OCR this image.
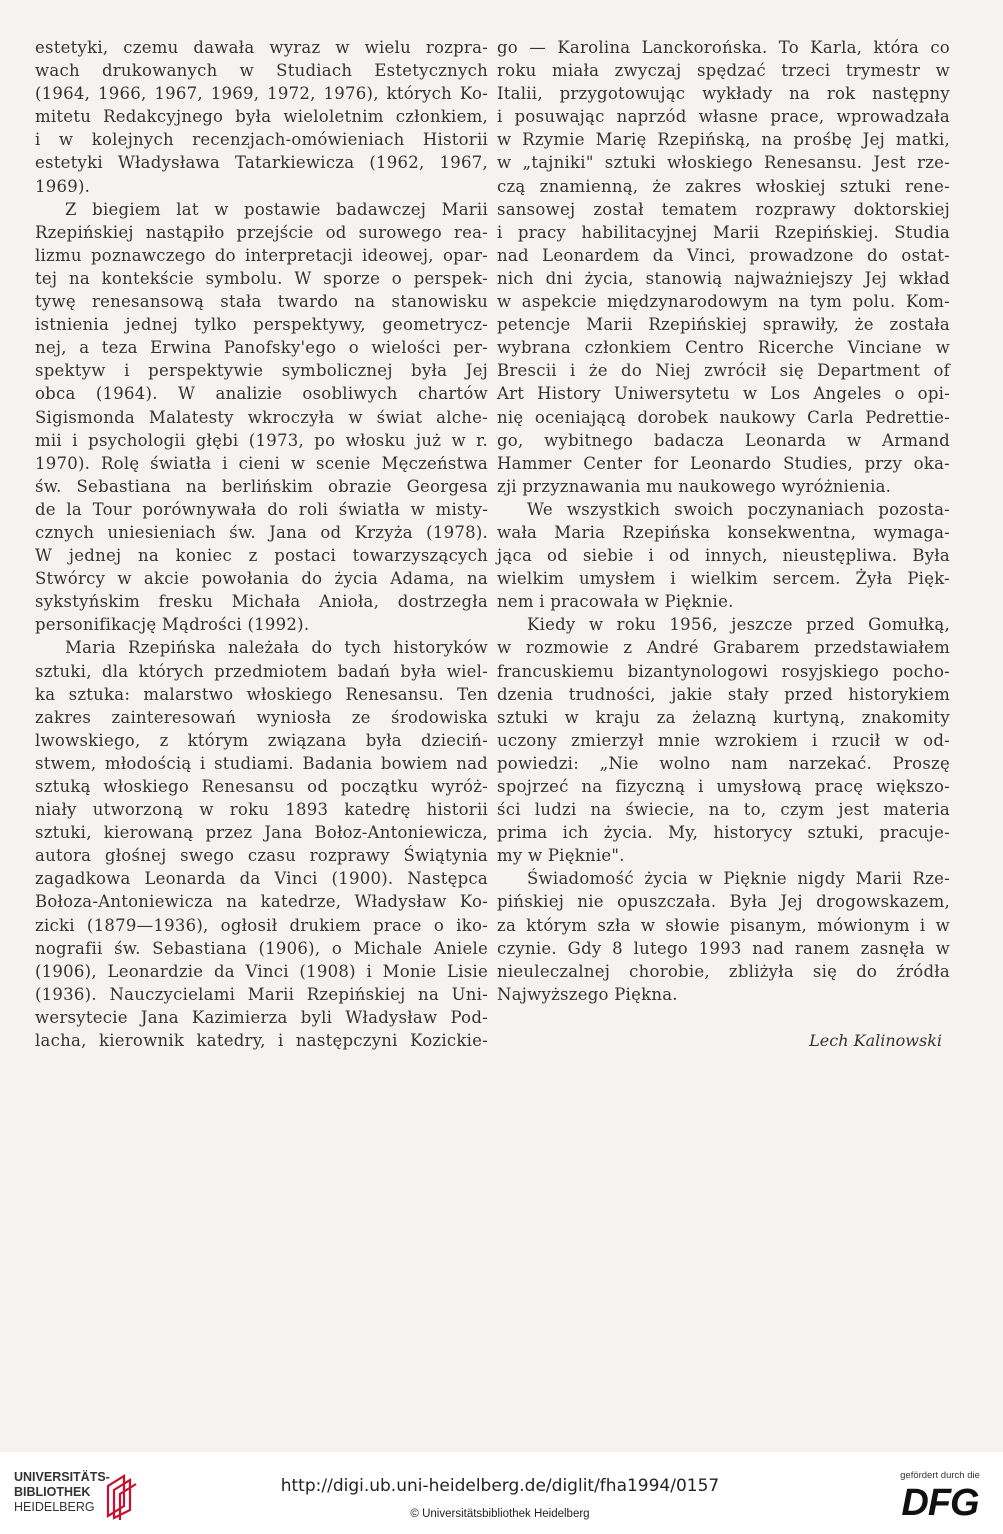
estetyki, czemu dawała wyraz w wielu rozpra-
wach drukowanych w Studiach Estetycznych
(1964, 1966, 1967, 1969, 1972, 1976), których Ko-
mitetu Redakcyjnego była wieloletnim członkiem,
i w kolejnych recenzjach-omówieniach Historii
estetyki Władysława Tatarkiewicza (1962, 1967,
1969).
Z biegiem lat w postawie badawczej Marii
Rzepińskiej nastąpiło przejście od surowego rea-
lizmu poznawczego do interpretacji ideowej, opar-
tej na kontekście symbolu. W sporze o perspek-
tywę renesansową stała twardo na stanowisku
istnienia jednej tylko perspektywy, geometrycz-
nej, a teza Erwina Panofsky'ego o wielości per-
spektyw i perspektywie symbolicznej była Jej
obca (1964). W analizie osobliwych chartów
Sigismonda Malatesty wkroczyła w świat alche-
mii i psychologii głębi (1973, po włosku już w r.
1970). Rolę światła i cieni w scenie Męczeństwa
św. Sebastiana na berlińskim obrazie Georgesa
de la Tour porównywała do roli światła w misty-
cznych uniesieniach św. Jana od Krzyża (1978).
W jednej na koniec z postaci towarzyszących
Stwórcy w akcie powołania do życia Adama, na
sykstyńskim fresku Michała Anioła, dostrzegła
personifikację Mądrości (1992).
Maria Rzepińska należała do tych historyków
sztuki, dla których przedmiotem badań była wiel-
ka sztuka: malarstwo włoskiego Renesansu. Ten
zakres zainteresowań wyniosła ze środowiska
lwowskiego, z którym związana była dzieciń-
stwem, młodością i studiami. Badania bowiem nad
sztuką włoskiego Renesansu od początku wyróż-
niały utworzoną w roku 1893 katedrę historii
sztuki, kierowaną przez Jana Bołoz-Antoniewicza,
autora głośnej swego czasu rozprawy Świątynia
zagadkowa Leonarda da Vinci (1900). Następca
Bołoza-Antoniewicza na katedrze, Władysław Ko-
zicki (1879—1936), ogłosił drukiem prace o iko-
nografii św. Sebastiana (1906), o Michale Aniele
(1906), Leonardzie da Vinci (1908) i Monie Lisie
(1936). Nauczycielami Marii Rzepińskiej na Uni-
wersytecie Jana Kazimierza byli Władysław Pod-
lacha, kierownik katedry, i następczyni Kozickie-
go — Karolina Lanckorońska. To Karla, która co
roku miała zwyczaj spędzać trzeci trymestr w
Italii, przygotowując wykłady na rok następny
i posuwając naprzód własne prace, wprowadzała
w Rzymie Marię Rzepińską, na prośbę Jej matki,
w „tajniki" sztuki włoskiego Renesansu. Jest rze-
czą znamienną, że zakres włoskiej sztuki rene-
sansowej został tematem rozprawy doktorskiej
i pracy habilitacyjnej Marii Rzepińskiej. Studia
nad Leonardem da Vinci, prowadzone do ostat-
nich dni życia, stanowią najważniejszy Jej wkład
w aspekcie międzynarodowym na tym polu. Kom-
petencje Marii Rzepińskiej sprawiły, że została
wybrana członkiem Centro Ricerche Vinciane w
Brescii i że do Niej zwrócił się Department of
Art History Uniwersytetu w Los Angeles o opi-
nię oceniającą dorobek naukowy Carla Pedrettie-
go, wybitnego badacza Leonarda w Armand
Hammer Center for Leonardo Studies, przy oka-
zji przyznawania mu naukowego wyróżnienia.
We wszystkich swoich poczynaniach pozosta-
wała Maria Rzepińska konsekwentna, wymaga-
jąca od siebie i od innych, nieustępliwa. Była
wielkim umysłem i wielkim sercem. Żyła Pięk-
nem i pracowała w Pięknie.
Kiedy w roku 1956, jeszcze przed Gomułką,
w rozmowie z André Grabarem przedstawiałem
francuskiemu bizantynologowi rosyjskiego pocho-
dzenia trudności, jakie stały przed historykiem
sztuki w kraju za żelazną kurtyną, znakomity
uczony zmierzył mnie wzrokiem i rzucił w od-
powiedzi: „Nie wolno nam narzekać. Proszę
spojrzeć na fizyczną i umysłową pracę większo-
ści ludzi na świecie, na to, czym jest materia
prima ich życia. My, historycy sztuki, pracuje-
my w Pięknie".
Świadomość życia w Pięknie nigdy Marii Rze-
pińskiej nie opuszczała. Była Jej drogowskazem,
za którym szła w słowie pisanym, mówionym i w
czynie. Gdy 8 lutego 1993 nad ranem zasnęła w
nieuleczalnej chorobie, zbliżyła się do źródła
Najwyższego Piękna.
Lech Kalinowski
UNIVERSITÄTS-
BIBLIOTHEK
HEIDELBERG
http://digi.ub.uni-heidelberg.de/diglit/fha1994/0157
© Universitätsbibliothek Heidelberg
gefördert durch die
DFG
